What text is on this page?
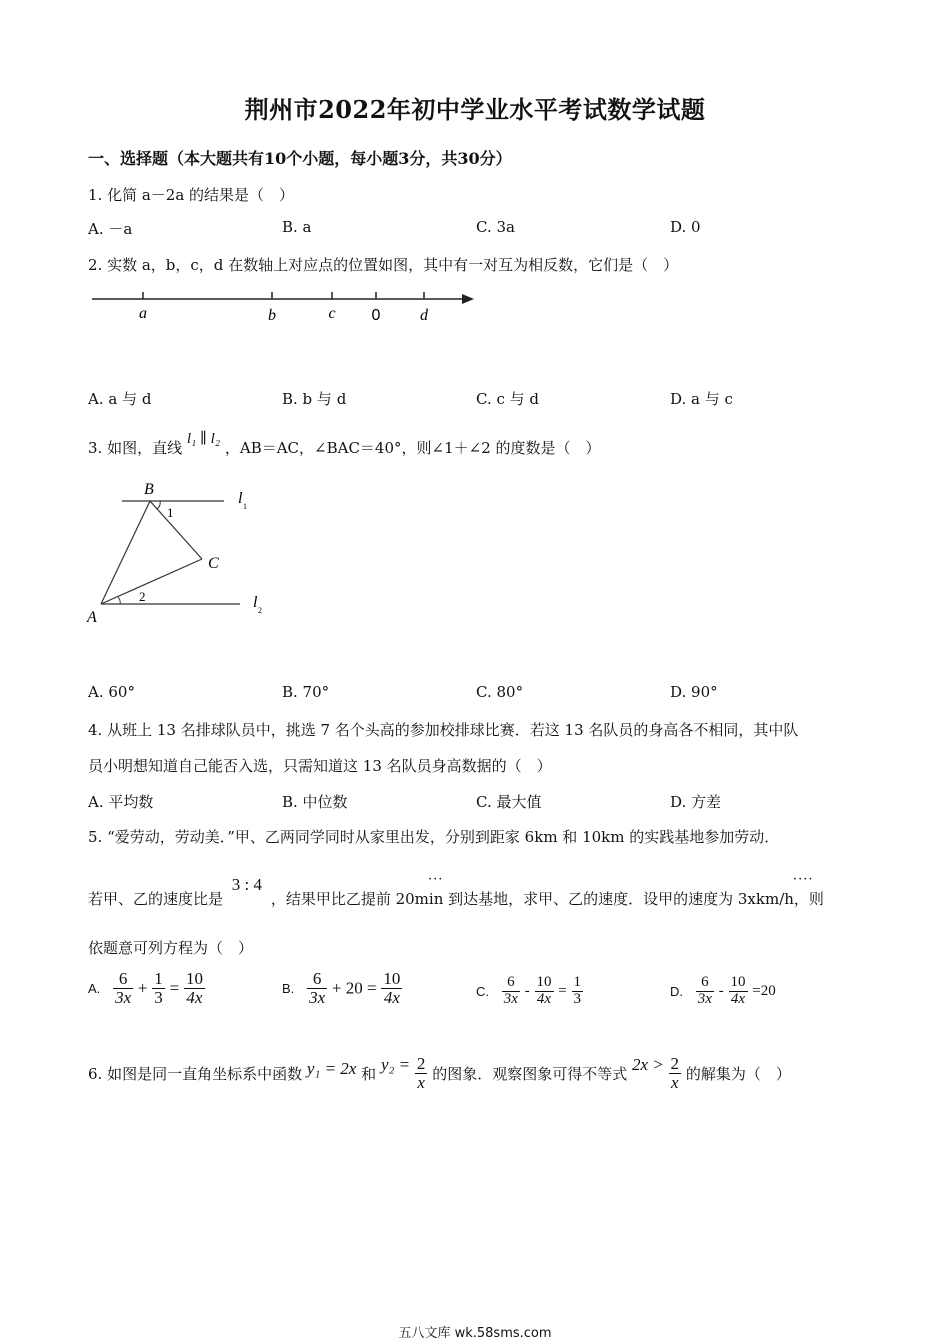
荆州市2022年初中学业水平考试数学试题
一、选择题（本大题共有10个小题，每小题3分，共30分）
1. 化简 a－2a 的结果是（　）
A. －a	B. a	C. 3a	D. 0
2. 实数 a，b，c，d 在数轴上对应点的位置如图，其中有一对互为相反数，它们是（　）
a	b	c 0 d
A. a 与 d	B. b 与 d	C. c 与 d	D. a 与 c
3. 如图，直线 l₁ ∥ l₂ ，AB＝AC，∠BAC＝40°，则∠1＋∠2 的度数是（　）
B
C
A
1
2
l 1
l 2
A. 60°	B. 70°	C. 80°	D. 90°
4. 从班上 13 名排球队员中，挑选 7 名个头高的参加校排球比赛．若这 13 名队员的身高各不相同，其中队
员小明想知道自己能否入选，只需知道这 13 名队员身高数据的（　）
A. 平均数	B. 中位数	C. 最大值	D. 方差
5. “爱劳动，劳动美．”甲、乙两同学同时从家里出发，分别到距家 6km 和 10km 的实践基地参加劳动．
若甲、乙的速度比是 3 : 4 ，结果甲比乙提前 20min 到达基地，求甲、乙的速度．设甲的速度为 3xkm/h，则
···	····
依题意可列方程为（　）
A. $\frac{6}{3x} + \frac{1}{3} = \frac{10}{4x}$	B. $\frac{6}{3x} + 20 = \frac{10}{4x}$	C. $\frac{6}{3x} - \frac{10}{4x} = \frac{1}{3}$	D. $\frac{6}{3x} - \frac{10}{4x} =20$
6. 如图是同一直角坐标系中函数 y₁ = 2x 和 $y_2 = \frac{2}{x}$ 的图象．观察图象可得不等式 $2x > \frac{2}{x}$ 的解集为（　）
五八文库 wk.58sms.com
